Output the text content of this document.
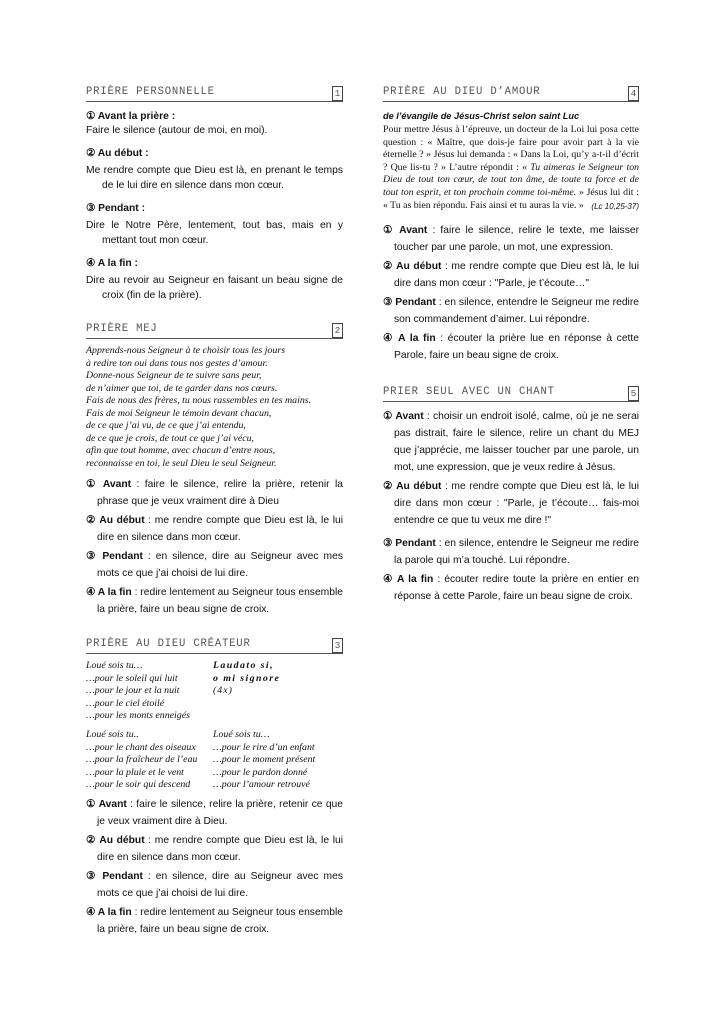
PRIÈRE PERSONNELLE	1
① Avant la prière :
Faire le silence (autour de moi, en moi).
② Au début :
Me rendre compte que Dieu est là, en prenant le temps de le lui dire en silence dans mon cœur.
③ Pendant :
Dire le Notre Père, lentement, tout bas, mais en y mettant tout mon cœur.
④ A la fin :
Dire au revoir au Seigneur en faisant un beau signe de croix (fin de la prière).
PRIÈRE MEJ	2
Apprends-nous Seigneur à te choisir tous les jours
à redire ton oui dans tous nos gestes d’amour.
Donne-nous Seigneur de te suivre sans peur,
de n’aimer que toi, de te garder dans nos cœurs.
Fais de nous des frères, tu nous rassembles en tes mains.
Fais de moi Seigneur le témoin devant chacun,
de ce que j’ai vu, de ce que j’ai entendu,
de ce que je crois, de tout ce que j’ai vécu,
afin que tout homme, avec chacun d’entre nous,
reconnaisse en toi, le seul Dieu le seul Seigneur.
① Avant : faire le silence, relire la prière, retenir la phrase que je veux vraiment dire à Dieu
② Au début : me rendre compte que Dieu est là, le lui dire en silence dans mon cœur.
③ Pendant : en silence, dire au Seigneur avec mes mots ce que j’ai choisi de lui dire.
④ A la fin : redire lentement au Seigneur tous ensemble la prière, faire un beau signe de croix.
PRIÈRE AU DIEU CRÉATEUR	3
Loué sois tu…
…pour le soleil qui luit
…pour le jour et la nuit
…pour le ciel étoilé
…pour les monts enneigés
Laudato si,
o mi signore
(4x)
Loué sois tu..
…pour le chant des oiseaux
…pour la fraîcheur de l’eau
…pour la pluie et le vent
…pour le soir qui descend
Loué sois tu…
…pour le rire d’un enfant
…pour le moment présent
…pour le pardon donné
…pour l’amour retrouvé
① Avant : faire le silence, relire la prière, retenir ce que je veux vraiment dire à Dieu.
② Au début : me rendre compte que Dieu est là, le lui dire en silence dans mon cœur.
③ Pendant : en silence, dire au Seigneur avec mes mots ce que j’ai choisi de lui dire.
④ A la fin : redire lentement au Seigneur tous ensemble la prière, faire un beau signe de croix.
PRIÈRE AU DIEU D’AMOUR	4
de l’évangile de Jésus-Christ selon saint Luc
Pour mettre Jésus à l’épreuve, un docteur de la Loi lui posa cette question : « Maître, que dois-je faire pour avoir part à la vie éternelle ? » Jésus lui demanda : « Dans la Loi, qu’y a-t-il d’écrit ? Que lis-tu ? » L’autre répondit : « Tu aimeras le Seigneur ton Dieu de tout ton cœur, de tout ton âme, de toute ta force et de tout ton esprit, et ton prochain comme toi-même. » Jésus lui dit : « Tu as bien répondu. Fais ainsi et tu auras la vie. » (Lc 10,25-37)
① Avant : faire le silence, relire le texte, me laisser toucher par une parole, un mot, une expression.
② Au début : me rendre compte que Dieu est là, le lui dire dans mon cœur : "Parle, je t’écoute…"
③ Pendant : en silence, entendre le Seigneur me redire son commandement d’aimer. Lui répondre.
④ A la fin : écouter la prière lue en réponse à cette Parole, faire un beau signe de croix.
PRIER SEUL AVEC UN CHANT	5
① Avant : choisir un endroit isolé, calme, où je ne serai pas distrait, faire le silence, relire un chant du MEJ que j’apprécie, me laisser toucher par une parole, un mot, une expression, que je veux redire à Jésus.
② Au début : me rendre compte que Dieu est là, le lui dire dans mon cœur : "Parle, je t’écoute… fais-moi entendre ce que tu veux me dire !"
③ Pendant : en silence, entendre le Seigneur me redire la parole qui m’a touché. Lui répondre.
④ A la fin : écouter redire toute la prière en entier en réponse à cette Parole, faire un beau signe de croix.
